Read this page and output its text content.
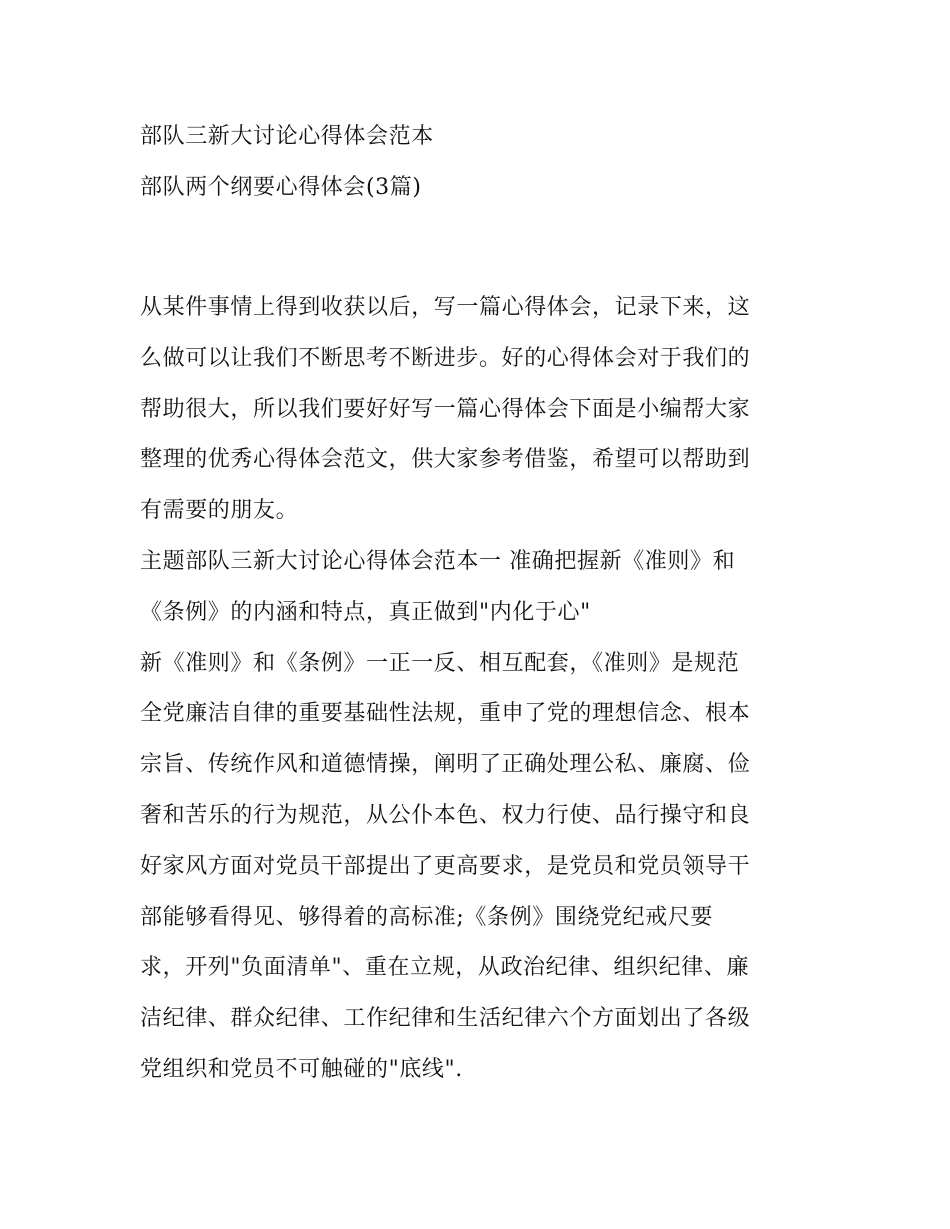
部队三新大讨论心得体会范本
部队两个纲要心得体会(3篇)
从某件事情上得到收获以后，写一篇心得体会，记录下来，这
么做可以让我们不断思考不断进步。好的心得体会对于我们的
帮助很大，所以我们要好好写一篇心得体会下面是小编帮大家
整理的优秀心得体会范文，供大家参考借鉴，希望可以帮助到
有需要的朋友。
主题部队三新大讨论心得体会范本一 准确把握新《准则》和
《条例》的内涵和特点，真正做到"内化于心"
新《准则》和《条例》一正一反、相互配套，《准则》是规范
全党廉洁自律的重要基础性法规，重申了党的理想信念、根本
宗旨、传统作风和道德情操，阐明了正确处理公私、廉腐、俭
奢和苦乐的行为规范，从公仆本色、权力行使、品行操守和良
好家风方面对党员干部提出了更高要求，是党员和党员领导干
部能够看得见、够得着的高标准;《条例》围绕党纪戒尺要
求，开列"负面清单"、重在立规，从政治纪律、组织纪律、廉
洁纪律、群众纪律、工作纪律和生活纪律六个方面划出了各级
党组织和党员不可触碰的"底线".
